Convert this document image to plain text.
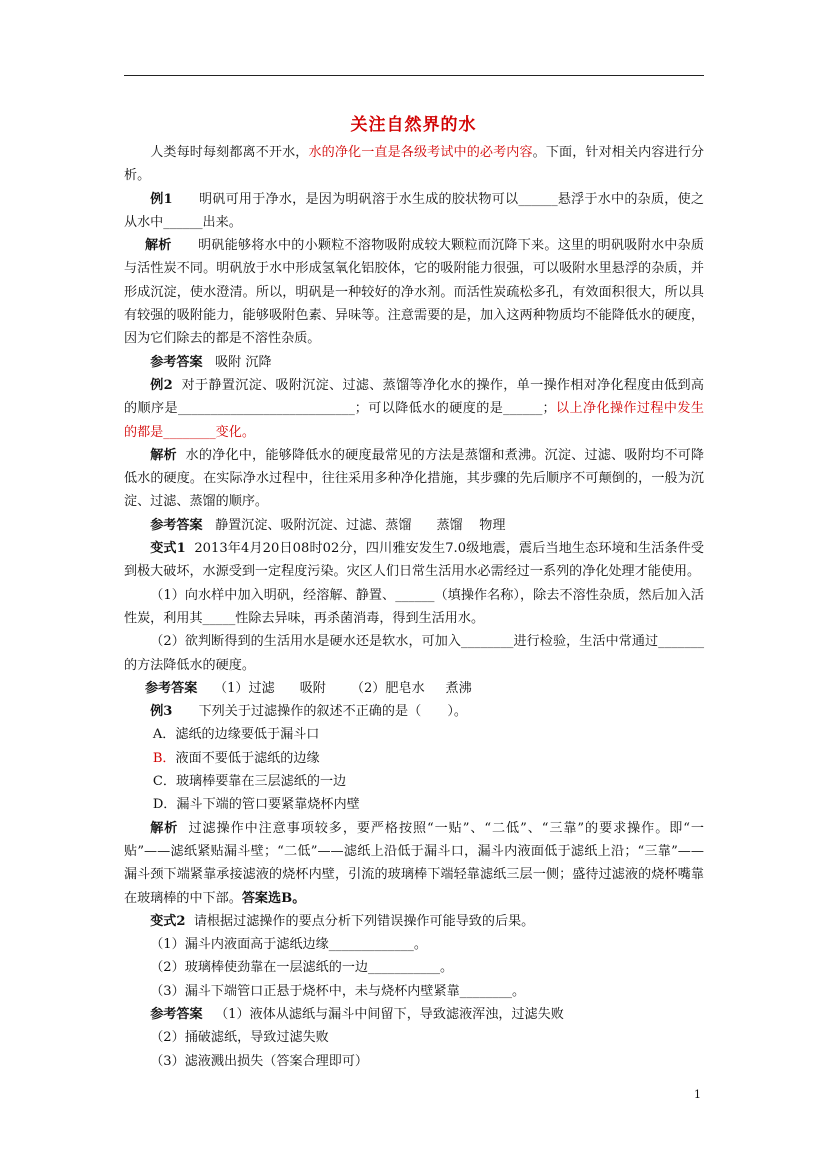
关注自然界的水

人类每时每刻都离不开水，水的净化一直是各级考试中的必考内容。下面，针对相关内容进行分析。

例1 明矾可用于净水，是因为明矾溶于水生成的胶状物可以______悬浮于水中的杂质，使之从水中______出来。

解析 明矾能够将水中的小颗粒不溶物吸附成较大颗粒而沉降下来。这里的明矾吸附水中杂质与活性炭不同。明矾放于水中形成氢氧化铝胶体，它的吸附能力很强，可以吸附水里悬浮的杂质，并形成沉淀，使水澄清。所以，明矾是一种较好的净水剂。而活性炭疏松多孔，有效面积很大，所以具有较强的吸附能力，能够吸附色素、异味等。注意需要的是，加入这两种物质均不能降低水的硬度，因为它们除去的都是不溶性杂质。

参考答案 吸附 沉降

例2 对于静置沉淀、吸附沉淀、过滤、蒸馏等净化水的操作，单一操作相对净化程度由低到高的顺序是___________________________；可以降低水的硬度的是______；以上净化操作过程中发生的都是________变化。

解析 水的净化中，能够降低水的硬度最常见的方法是蒸馏和煮沸。沉淀、过滤、吸附均不可降低水的硬度。在实际净水过程中，往往采用多种净化措施，其步骤的先后顺序不可颠倒的，一般为沉淀、过滤、蒸馏的顺序。

参考答案 静置沉淀、吸附沉淀、过滤、蒸馏 蒸馏 物理

变式1 2013年4月20日08时02分，四川雅安发生7.0级地震，震后当地生态环境和生活条件受到极大破坏，水源受到一定程度污染。灾区人们日常生活用水必需经过一系列的净化处理才能使用。

（1）向水样中加入明矾，经溶解、静置、______（填操作名称），除去不溶性杂质，然后加入活性炭，利用其_____性除去异味，再杀菌消毒，得到生活用水。

（2）欲判断得到的生活用水是硬水还是软水，可加入________进行检验，生活中常通过_______的方法降低水的硬度。

参考答案 （1）过滤 吸附 （2）肥皂水 煮沸

例3 下列关于过滤操作的叙述不正确的是（　　）。

A．滤纸的边缘要低于漏斗口

B．液面不要低于滤纸的边缘

C．玻璃棒要靠在三层滤纸的一边

D．漏斗下端的管口要紧靠烧杯内壁

解析 过滤操作中注意事项较多，要严格按照“一贴”、“二低”、“三靠”的要求操作。即“一贴”——滤纸紧贴漏斗壁；“二低”——滤纸上沿低于漏斗口，漏斗内液面低于滤纸上沿；“三靠”——漏斗颈下端紧靠承接滤液的烧杯内壁，引流的玻璃棒下端轻靠滤纸三层一侧；盛待过滤液的烧杯嘴靠在玻璃棒的中下部。答案选B。

变式2 请根据过滤操作的要点分析下列错误操作可能导致的后果。

（1）漏斗内液面高于滤纸边缘_____________。

（2）玻璃棒使劲靠在一层滤纸的一边___________。

（3）漏斗下端管口正悬于烧杯中，未与烧杯内壁紧靠________。

参考答案 （1）液体从滤纸与漏斗中间留下，导致滤液浑浊，过滤失败

（2）捅破滤纸，导致过滤失败

（3）滤液溅出损失（答案合理即可）

1
